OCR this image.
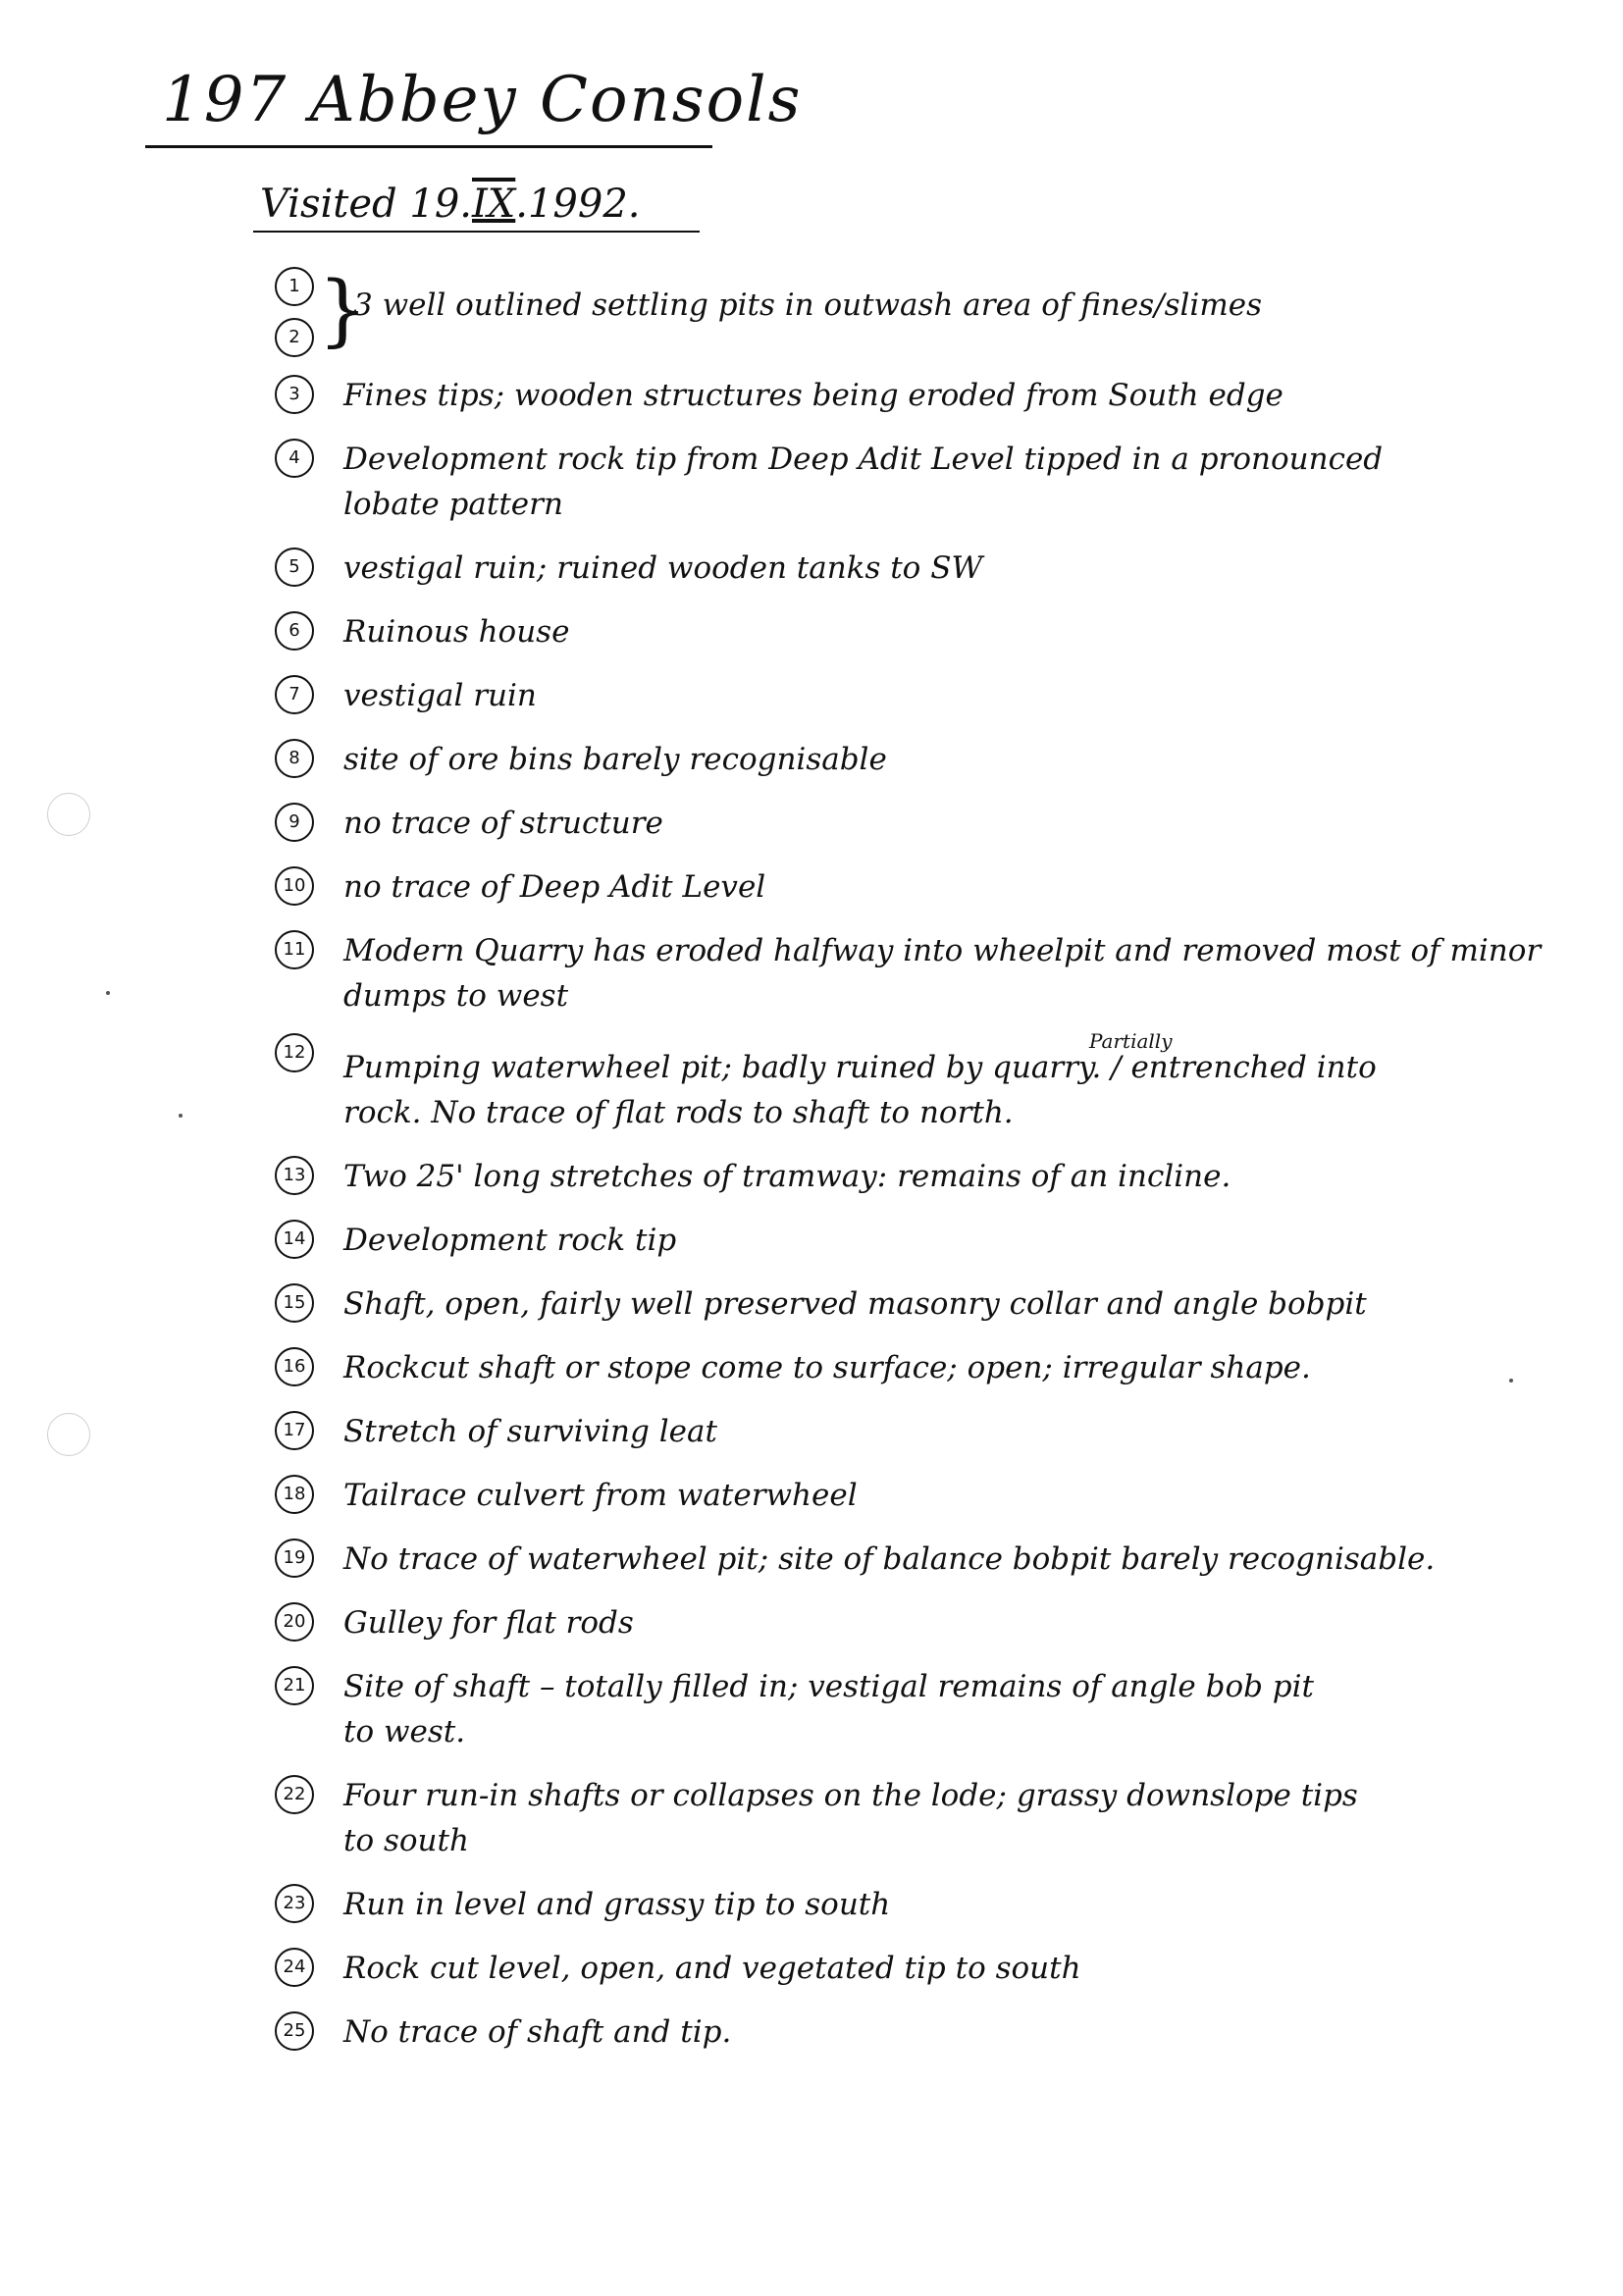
197 Abbey Consols
Visited 19.IX.1992.
1
2 }
3 well outlined settling pits in outwash area of fines/slimes
3	Fines tips; wooden structures being eroded from South edge
4	Development rock tip from Deep Adit Level tipped in a pronounced
lobate pattern
5	vestigal ruin; ruined wooden tanks to SW
6	Ruinous house
7	vestigal ruin
8	site of ore bins barely recognisable
9	no trace of structure
10 no trace of Deep Adit Level
11 Modern Quarry has eroded halfway into wheelpit and removed most of minor
dumps to west
12	Partially
Pumping waterwheel pit; badly ruined by quarry. / entrenched into
rock. No trace of flat rods to shaft to north.
13 Two 25' long stretches of tramway: remains of an incline.
14 Development rock tip
15 Shaft, open, fairly well preserved masonry collar and angle bobpit
16 Rockcut shaft or stope come to surface; open; irregular shape.
17 Stretch of surviving leat
18 Tailrace culvert from waterwheel
19 No trace of waterwheel pit; site of balance bobpit barely recognisable.
20 Gulley for flat rods
21 Site of shaft – totally filled in; vestigal remains of angle bob pit
to west.
22 Four run-in shafts or collapses on the lode; grassy downslope tips
to south
23 Run in level and grassy tip to south
24 Rock cut level, open, and vegetated tip to south
25 No trace of shaft and tip.
